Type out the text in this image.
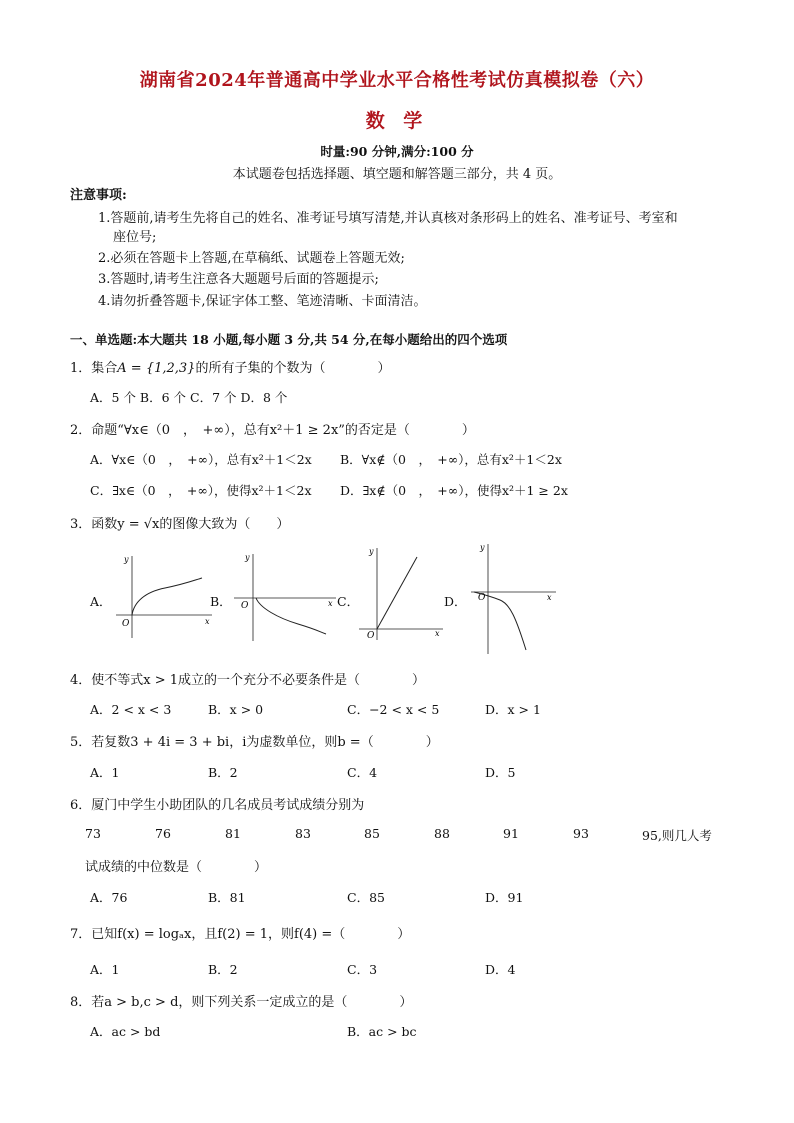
湖南省2024年普通高中学业水平合格性考试仿真模拟卷（六）
数 学
时量:90 分钟,满分:100 分
本试题卷包括选择题、填空题和解答题三部分，共 4 页。
注意事项:
1.答题前,请考生先将自己的姓名、准考证号填写清楚,并认真核对条形码上的姓名、准考证号、考室和
座位号;
2.必须在答题卡上答题,在草稿纸、试题卷上答题无效;
3.答题时,请考生注意各大题题号后面的答题提示;
4.请勿折叠答题卡,保证字体工整、笔迹清晰、卡面清洁。
一、单选题:本大题共 18 小题,每小题 3 分,共 54 分,在每小题给出的四个选项
1．集合A = {1,2,3}的所有子集的个数为（　　　　）
A．5 个 B．6 个 C．7 个 D．8 个
2．命题“∀x∈（0　，　+∞），总有x²＋1 ≥ 2x”的否定是（　　　　）
A．∀x∈（0　，　+∞），总有x²＋1＜2x B．∀x∉（0　，　+∞），总有x²＋1＜2x
C．∃x∈（0　，　+∞），使得x²＋1＜2x D．∃x∉（0　，　+∞），使得x²＋1 ≥ 2x
3．函数y = √x的图像大致为（　　）
A．	B．	C．	D．
y
x
O
y
x
O
y
x
O
y
x
O
4．使不等式x > 1成立的一个充分不必要条件是（　　　　）
A．2 < x < 3	B．x > 0	C．−2 < x < 5	D．x > 1
5．若复数3 + 4i = 3 + bi，i为虚数单位，则b =（　　　　）
A．1	B．2	C．4	D．5
6．厦门中学生小助团队的几名成员考试成绩分别为
73	76	81	83	85	88	91	93	95,则几人考
试成绩的中位数是（　　　　）
A．76	B．81	C．85	D．91
7．已知f(x) = logₐx，且f(2) = 1，则f(4) =（　　　　）
A．1	B．2	C．3	D．4
8．若a > b,c > d，则下列关系一定成立的是（　　　　）
A．ac > bd	B．ac > bc
